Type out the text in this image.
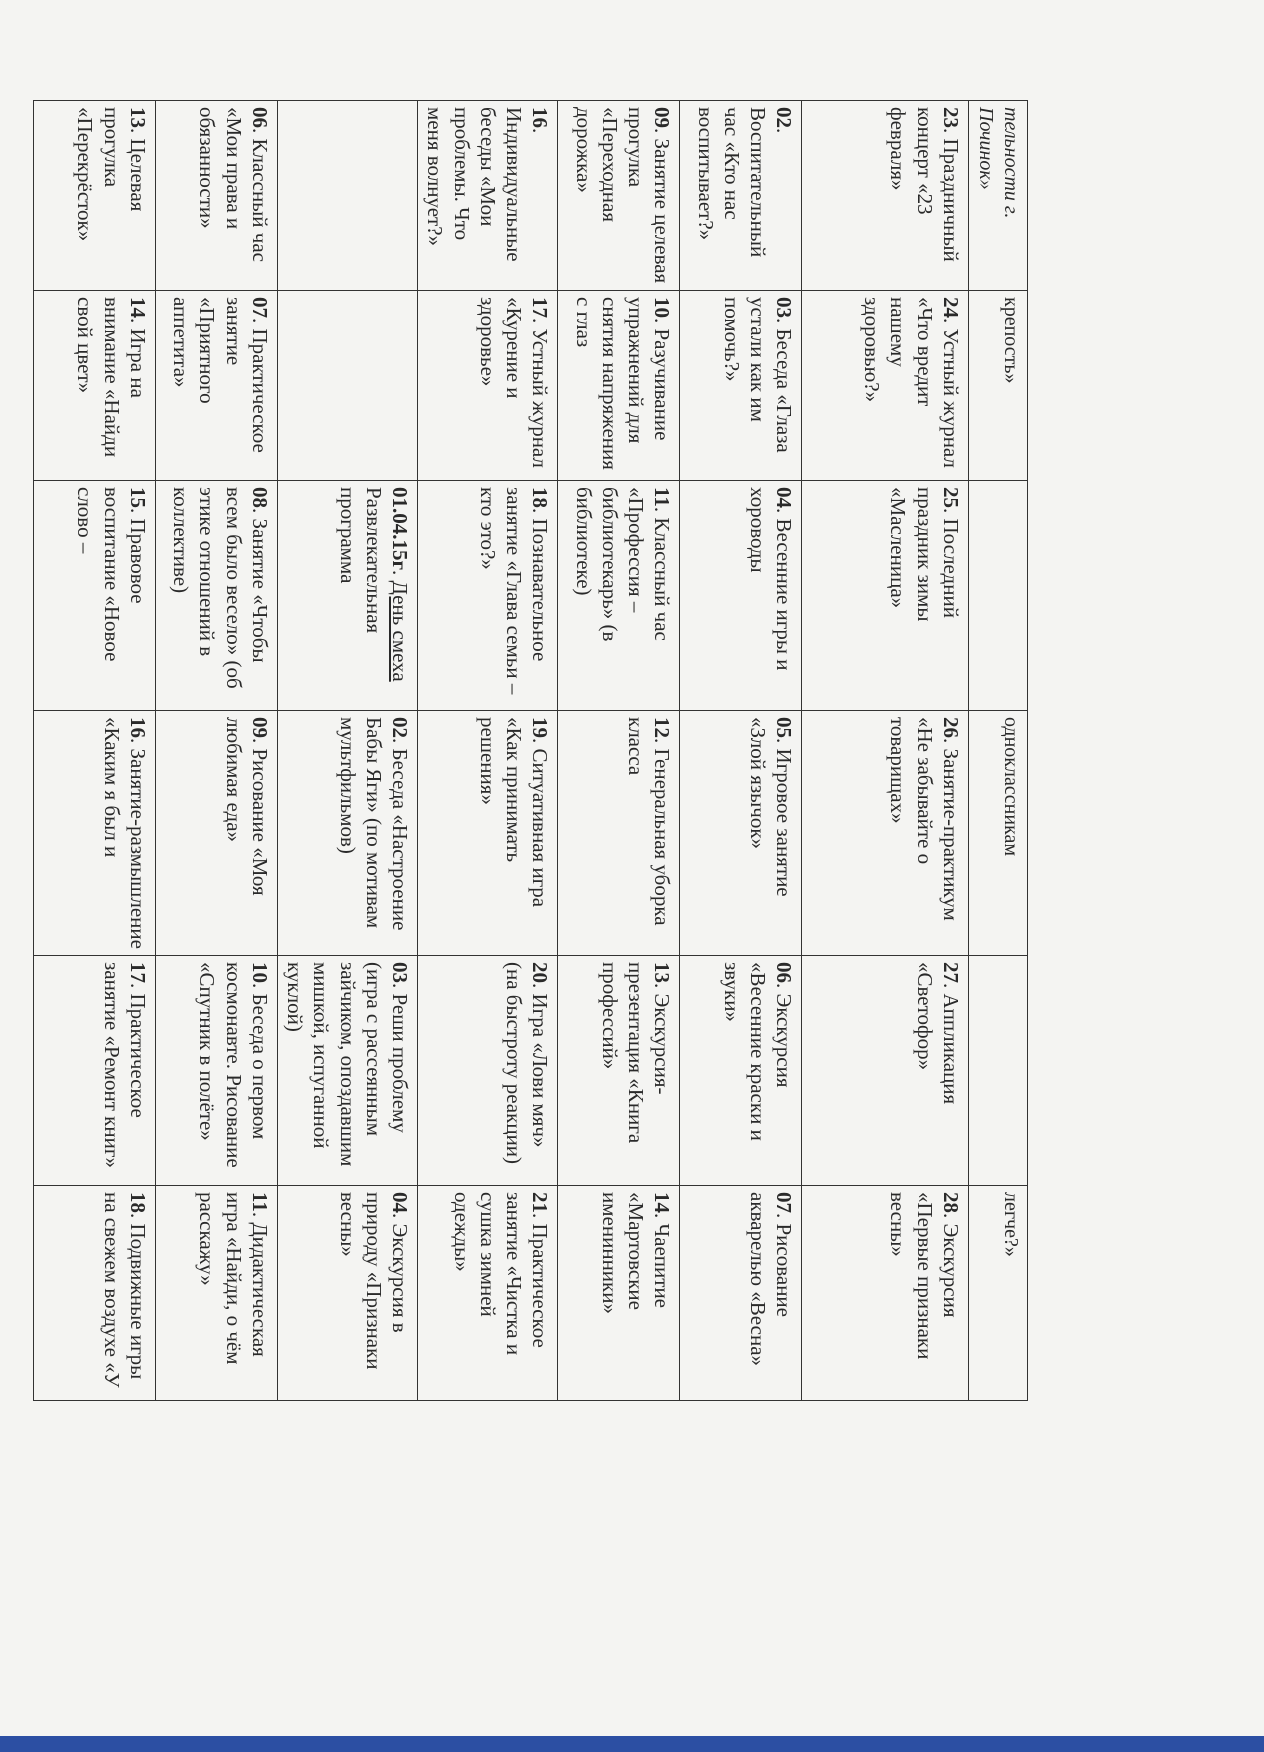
тельности г. Починок»	крепость»		одноклассникам		легче?»	
23. Праздничный концерт «23 февраля»	24. Устный журнал «Что вредит нашему здоровью?»	25. Последний праздник зимы «Масленица»	26. Занятие-практикум «Не забывайте о товарищах»	27. Аппликация «Светофор»	28. Экскурсия «Первые признаки весны»	
02. Воспитательный час «Кто нас воспитывает?»	03. Беседа «Глаза устали как им помочь?»	04. Весенние игры и хороводы	05. Игровое занятие «Злой язычок»	06. Экскурсия «Весенние краски и звуки»	07. Рисование акварелью «Весна»	
09. Занятие целевая прогулка «Переходная дорожка»	10. Разучивание упражнений для снятия напряжения с глаз	11. Классный час «Профессия – библиотекарь» (в библиотеке)	12. Генеральная уборка класса	13. Экскурсия-презентация «Книга профессий»	14. Чаепитие «Мартовские именинники»	
16. Индивидуальные беседы «Мои проблемы. Что меня волнует?»	17. Устный журнал «Курение и здоровье»	18. Познавательное занятие «Глава семьи – кто это?»	19. Ситуативная игра «Как принимать решения»	20. Игра «Лови мяч» (на быстроту реакции)	21. Практическое занятие «Чистка и сушка зимней одежды»	
		01.04.15г. День смеха Развлекательная программа	02. Беседа «Настроение Бабы Яги» (по мотивам мультфильмов)	03. Реши проблему (игра с рассеянным зайчиком, опоздавшим мишкой, испуганной куклой)	04. Экскурсия в природу «Признаки весны»	
06. Классный час «Мои права и обязанности»	07. Практическое занятие «Приятного аппетита»	08. Занятие «Чтобы всем было весело» (об этике отношений в коллективе)	09. Рисование «Моя любимая еда»	10. Беседа о первом космонавте. Рисование «Спутник в полёте»	11. Дидактическая игра «Найди, о чём расскажу»	
13. Целевая прогулка «Перекрёсток»	14. Игра на внимание «Найди свой цвет»	15. Правовое воспитание «Новое слово –	16. Занятие-размышление «Каким я был и	17. Практическое занятие «Ремонт книг»	18. Подвижные игры на свежем воздухе «У	
